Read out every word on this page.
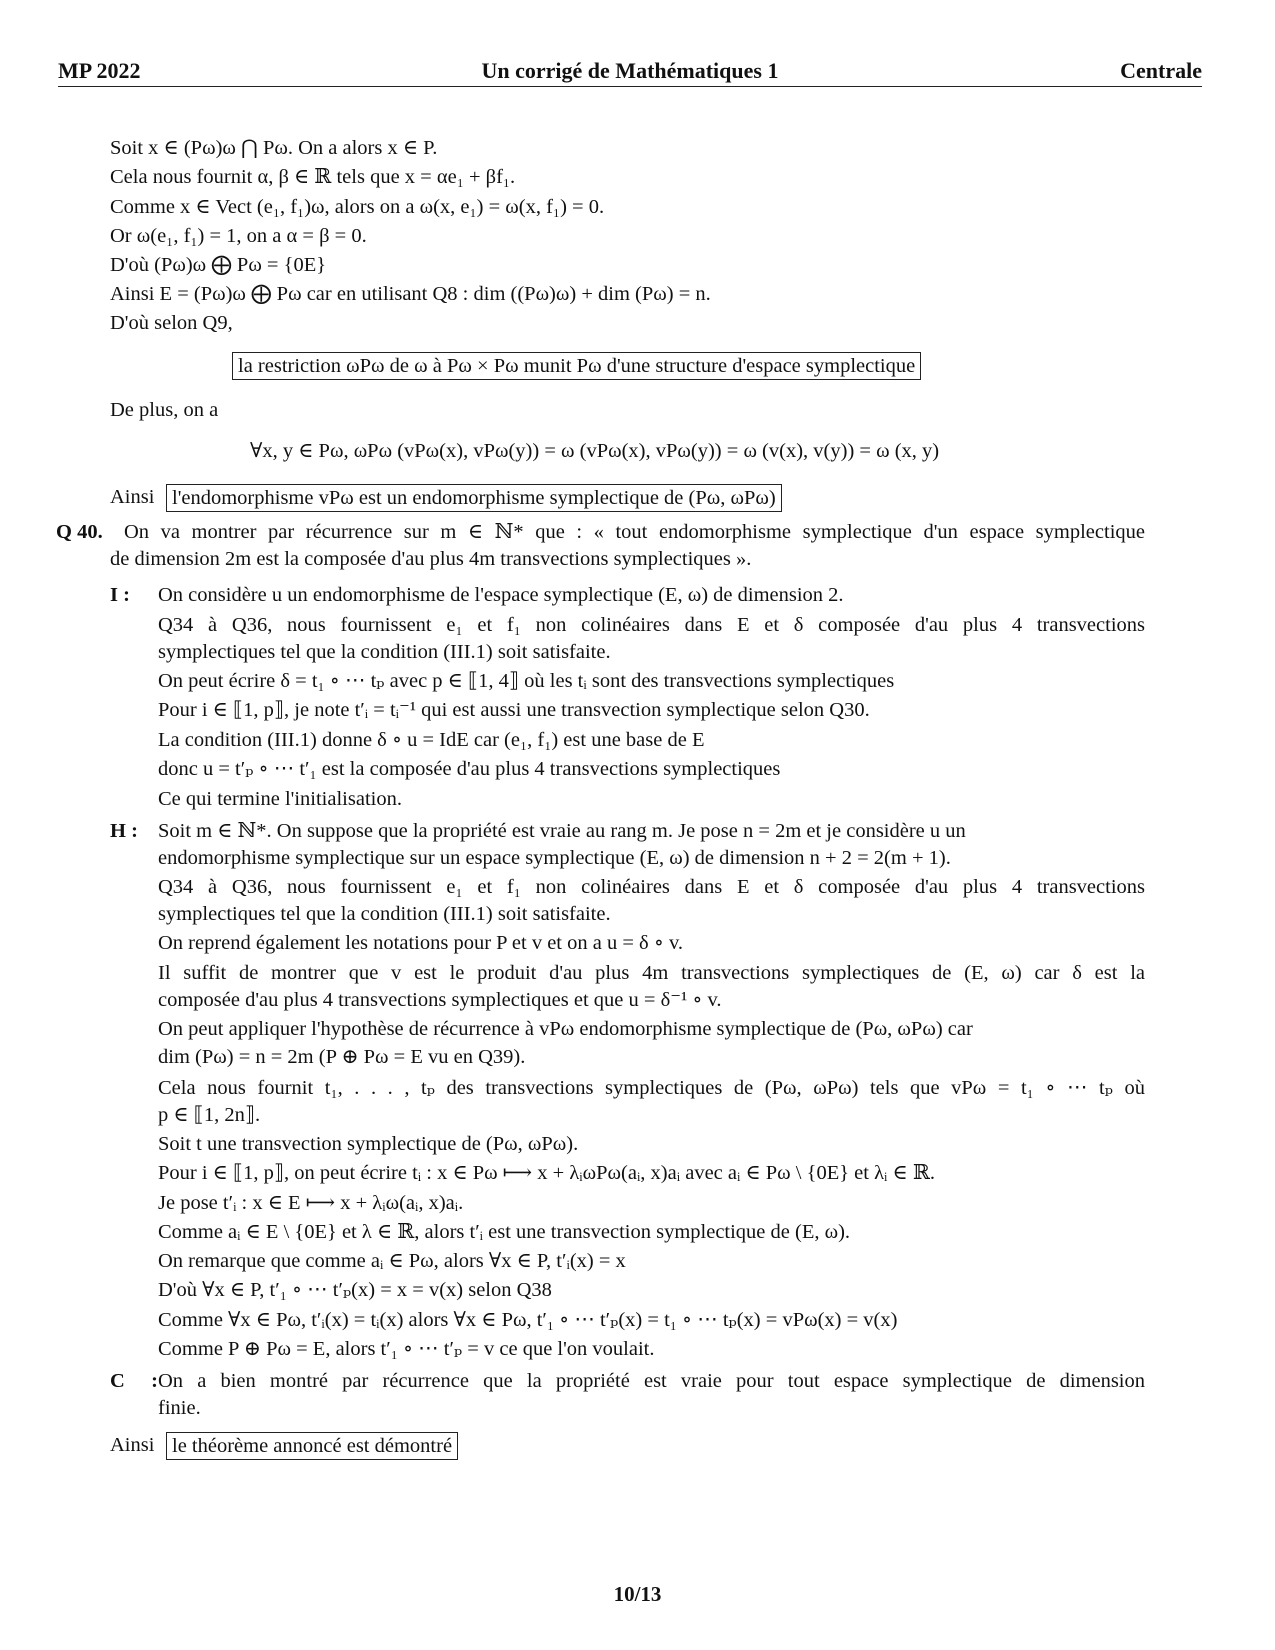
MP 2022	Un corrigé de Mathématiques 1	Centrale
Soit x ∈ (Pω)ω ⋂ Pω. On a alors x ∈ P.
Cela nous fournit α, β ∈ ℝ tels que x = αe₁ + βf₁.
Comme x ∈ Vect (e₁, f₁)ω, alors on a ω(x, e₁) = ω(x, f₁) = 0.
Or ω(e₁, f₁) = 1, on a α = β = 0.
D'où (Pω)ω ⨁ Pω = {0E}
Ainsi E = (Pω)ω ⨁ Pω car en utilisant Q8 : dim ((Pω)ω) + dim (Pω) = n.
D'où selon Q9,
la restriction ωPω de ω à Pω × Pω munit Pω d'une structure d'espace symplectique
De plus, on a
∀x, y ∈ Pω, ωPω (vPω(x), vPω(y)) = ω (vPω(x), vPω(y)) = ω (v(x), v(y)) = ω (x, y)
Ainsi l'endomorphisme vPω est un endomorphisme symplectique de (Pω, ωPω)
Q 40. On va montrer par récurrence sur m ∈ ℕ* que : « tout endomorphisme symplectique d'un espace symplectique
de dimension 2m est la composée d'au plus 4m transvections symplectiques ».
I : On considère u un endomorphisme de l'espace symplectique (E, ω) de dimension 2.
Q34 à Q36, nous fournissent e₁ et f₁ non colinéaires dans E et δ composée d'au plus 4 transvections
symplectiques tel que la condition (III.1) soit satisfaite.
On peut écrire δ = t₁ ∘ ⋯ tₚ avec p ∈ ⟦1, 4⟧ où les tᵢ sont des transvections symplectiques
Pour i ∈ ⟦1, p⟧, je note t′ᵢ = tᵢ⁻¹ qui est aussi une transvection symplectique selon Q30.
La condition (III.1) donne δ ∘ u = IdE car (e₁, f₁) est une base de E
donc u = t′ₚ ∘ ⋯ t′₁ est la composée d'au plus 4 transvections symplectiques
Ce qui termine l'initialisation.
H : Soit m ∈ ℕ*. On suppose que la propriété est vraie au rang m. Je pose n = 2m et je considère u un
endomorphisme symplectique sur un espace symplectique (E, ω) de dimension n + 2 = 2(m + 1).
Q34 à Q36, nous fournissent e₁ et f₁ non colinéaires dans E et δ composée d'au plus 4 transvections
symplectiques tel que la condition (III.1) soit satisfaite.
On reprend également les notations pour P et v et on a u = δ ∘ v.
Il suffit de montrer que v est le produit d'au plus 4m transvections symplectiques de (E, ω) car δ est la
composée d'au plus 4 transvections symplectiques et que u = δ⁻¹ ∘ v.
On peut appliquer l'hypothèse de récurrence à vPω endomorphisme symplectique de (Pω, ωPω) car
dim (Pω) = n = 2m (P ⊕ Pω = E vu en Q39).
Cela nous fournit t₁, . . . , tₚ des transvections symplectiques de (Pω, ωPω) tels que vPω = t₁ ∘ ⋯ tₚ où
p ∈ ⟦1, 2n⟧.
Soit t une transvection symplectique de (Pω, ωPω).
Pour i ∈ ⟦1, p⟧, on peut écrire tᵢ : x ∈ Pω ⟼ x + λᵢωPω(aᵢ, x)aᵢ avec aᵢ ∈ Pω \ {0E} et λᵢ ∈ ℝ.
Je pose t′ᵢ : x ∈ E ⟼ x + λᵢω(aᵢ, x)aᵢ.
Comme aᵢ ∈ E \ {0E} et λ ∈ ℝ, alors t′ᵢ est une transvection symplectique de (E, ω).
On remarque que comme aᵢ ∈ Pω, alors ∀x ∈ P, t′ᵢ(x) = x
D'où ∀x ∈ P, t′₁ ∘ ⋯ t′ₚ(x) = x = v(x) selon Q38
Comme ∀x ∈ Pω, t′ᵢ(x) = tᵢ(x) alors ∀x ∈ Pω, t′₁ ∘ ⋯ t′ₚ(x) = t₁ ∘ ⋯ tₚ(x) = vPω(x) = v(x)
Comme P ⊕ Pω = E, alors t′₁ ∘ ⋯ t′ₚ = v ce que l'on voulait.
C :On a bien montré par récurrence que la propriété est vraie pour tout espace symplectique de dimension
finie.
Ainsi le théorème annoncé est démontré
10/13
